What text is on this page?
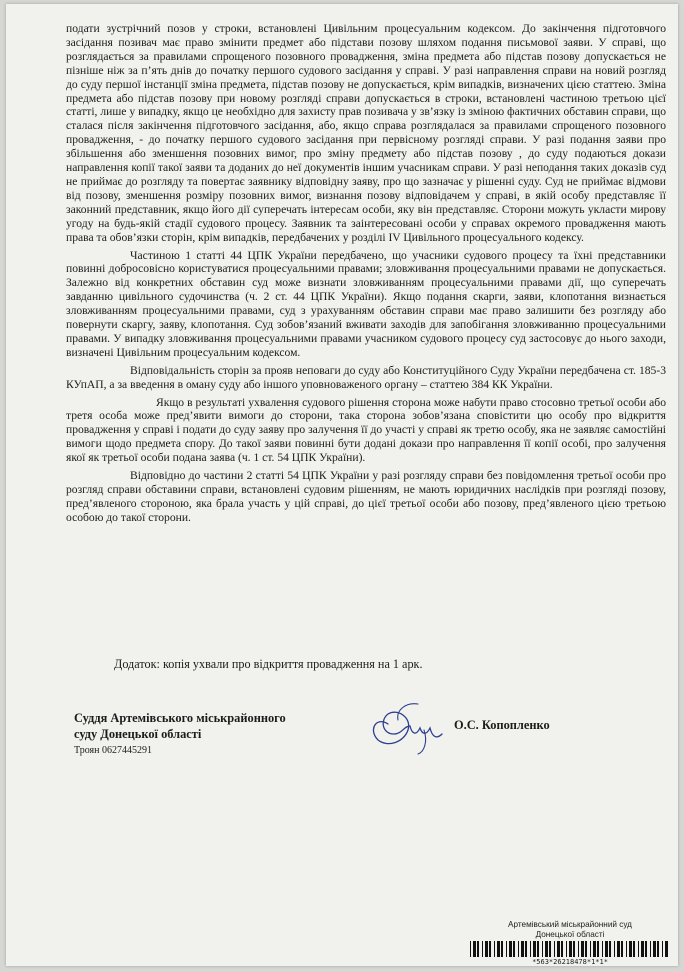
подати зустрічний позов у строки, встановлені Цивільним процесуальним кодексом. До закінчення підготовчого засідання позивач має право змінити предмет або підстави позову шляхом подання письмової заяви. У справі, що розглядається за правилами спрощеного позовного провадження, зміна предмета або підстав позову допускається не пізніше ніж за п’ять днів до початку першого судового засідання у справі. У разі направлення справи на новий розгляд до суду першої інстанції зміна предмета, підстав позову не допускається, крім випадків, визначених цією статтею. Зміна предмета або підстав позову при новому розгляді справи допускається в строки, встановлені частиною третьою цієї статті, лише у випадку, якщо це необхідно для захисту прав позивача у зв’язку із зміною фактичних обставин справи, що сталася після закінчення підготовчого засідання, або, якщо справа розглядалася за правилами спрощеного позовного провадження, - до початку першого судового засідання при первісному розгляді справи. У разі подання заяви про збільшення або зменшення позовних вимог, про зміну предмету або підстав позову , до суду подаються докази направлення копії такої заяви та доданих до неї документів іншим учасникам справи. У разі неподання таких доказів суд не приймає до розгляду та повертає заявнику відповідну заяву, про що зазначає у рішенні суду. Суд не приймає відмови від позову, зменшення розміру позовних вимог, визнання позову відповідачем у справі, в якій особу представляє її законний представник, якщо його дії суперечать інтересам особи, яку він представляє. Сторони можуть укласти мирову угоду на будь-якій стадії судового процесу. Заявник та заінтересовані особи у справах окремого провадження мають права та обов’язки сторін, крім випадків, передбачених у розділі IV Цивільного процесуального кодексу.

Частиною 1 статті 44 ЦПК України передбачено, що учасники судового процесу та їхні представники повинні добросовісно користуватися процесуальними правами; зловживання процесуальними правами не допускається. Залежно від конкретних обставин суд може визнати зловживанням процесуальними правами дії, що суперечать завданню цивільного судочинства (ч. 2 ст. 44 ЦПК України). Якщо подання скарги, заяви, клопотання визнається зловживанням процесуальними правами, суд з урахуванням обставин справи має право залишити без розгляду або повернути скаргу, заяву, клопотання. Суд зобов’язаний вживати заходів для запобігання зловживанню процесуальними правами. У випадку зловживання процесуальними правами учасником судового процесу суд застосовує до нього заходи, визначені Цивільним процесуальним кодексом.

Відповідальність сторін за прояв неповаги до суду або Конституційного Суду України передбачена ст. 185-3 КУпАП, а за введення в оману суду або іншого уповноваженого органу – статтею 384 КК України.

Якщо в результаті ухвалення судового рішення сторона може набути право стосовно третьої особи або третя особа може пред’явити вимоги до сторони, така сторона зобов’язана сповістити цю особу про відкриття провадження у справі і подати до суду заяву про залучення її до участі у справі як третю особу, яка не заявляє самостійні вимоги щодо предмета спору. До такої заяви повинні бути додані докази про направлення її копії особі, про залучення якої як третьої особи подана заява (ч. 1 ст. 54 ЦПК України).

Відповідно до частини 2 статті 54 ЦПК України у разі розгляду справи без повідомлення третьої особи про розгляд справи обставини справи, встановлені судовим рішенням, не мають юридичних наслідків при розгляді позову, пред’явленого стороною, яка брала участь у цій справі, до цієї третьої особи або позову, пред’явленого цією третьою особою до такої сторони.

Додаток: копія ухвали про відкриття провадження на 1 арк.
Суддя Артемівського міськрайонного
суду Донецької області
Троян 0627445291
О.С. Копопленко
Артемівський міськрайонний суд
Донецької області
*563*26218478*1*1*
